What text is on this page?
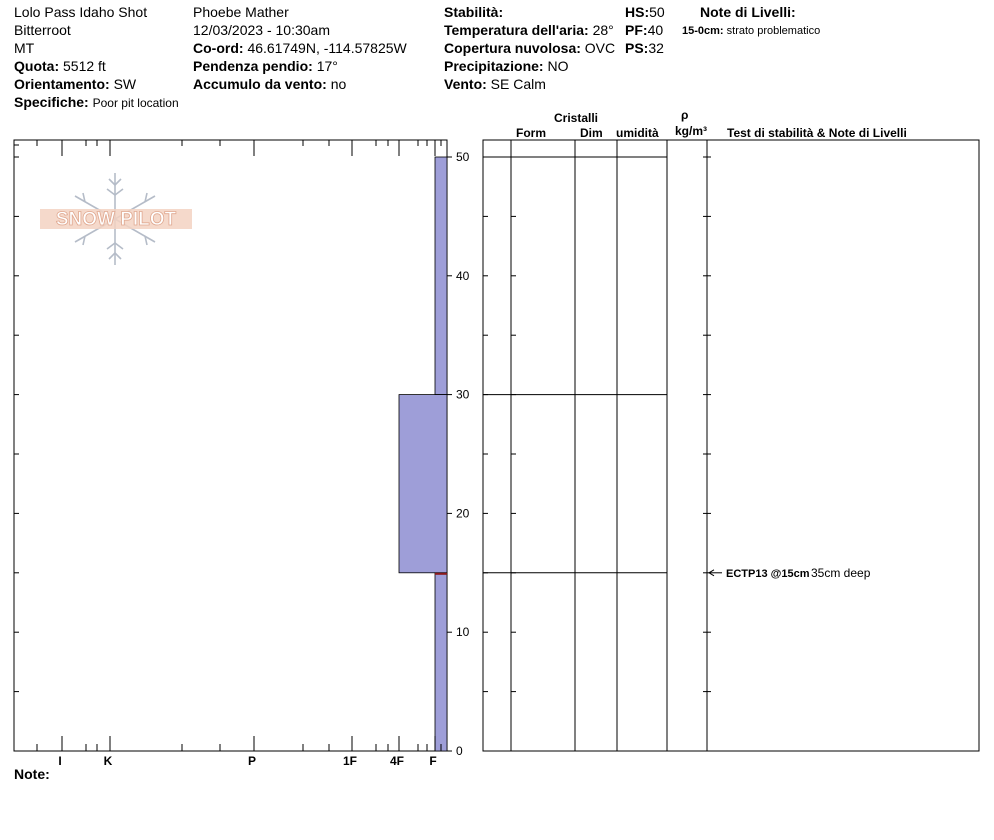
Lolo Pass Idaho Shot
Bitterroot
MT
Quota: 5512 ft
Orientamento: SW
Specifiche: Poor pit location
Phoebe Mather
12/03/2023 - 10:30am
Co-ord: 46.61749N, -114.57825W
Pendenza pendio: 17°
Accumulo da vento: no
Stabilità:
Temperatura dell'aria: 28°
Copertura nuvolosa: OVC
Precipitazione: NO
Vento: SE Calm
HS:50
PF:40
PS:32
Note di Livelli:
15-0cm: strato problematico
Cristalli
Form	Dim umidità
ρ
kg/m³ Test di stabilità & Note di Livelli
SNOW PILOT
0
10
20
30
40
50
I	K	P	1F	4F F
ECTP13 @15cm 35cm deep
Note:
